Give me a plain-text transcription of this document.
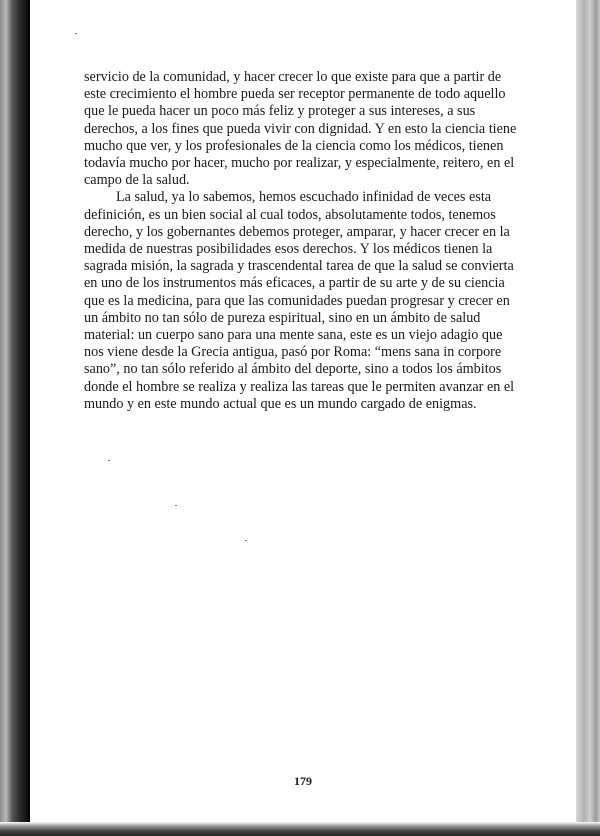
servicio de la comunidad, y hacer crecer lo que existe para que a partir de este crecimiento el hombre pueda ser receptor permanente de todo aquello que le pueda hacer un poco más feliz y proteger a sus intereses, a sus derechos, a los fines que pueda vivir con dignidad. Y en esto la ciencia tiene mucho que ver, y los profesionales de la ciencia como los médicos, tienen todavía mucho por hacer, mucho por realizar, y especialmente, reitero, en el campo de la salud.

La salud, ya lo sabemos, hemos escuchado infinidad de veces esta definición, es un bien social al cual todos, absolutamente todos, tenemos derecho, y los gobernantes debemos proteger, amparar, y hacer crecer en la medida de nuestras posibilidades esos derechos. Y los médicos tienen la sagrada misión, la sagrada y trascendental tarea de que la salud se convierta en uno de los instrumentos más eficaces, a partir de su arte y de su ciencia que es la medicina, para que las comunidades puedan progresar y crecer en un ámbito no tan sólo de pureza espiritual, sino en un ámbito de salud material: un cuerpo sano para una mente sana, este es un viejo adagio que nos viene desde la Grecia antigua, pasó por Roma: “mens sana in corpore sano”, no tan sólo referido al ámbito del deporte, sino a todos los ámbitos donde el hombre se realiza y realiza las tareas que le permiten avanzar en el mundo y en este mundo actual que es un mundo cargado de enigmas.

179
